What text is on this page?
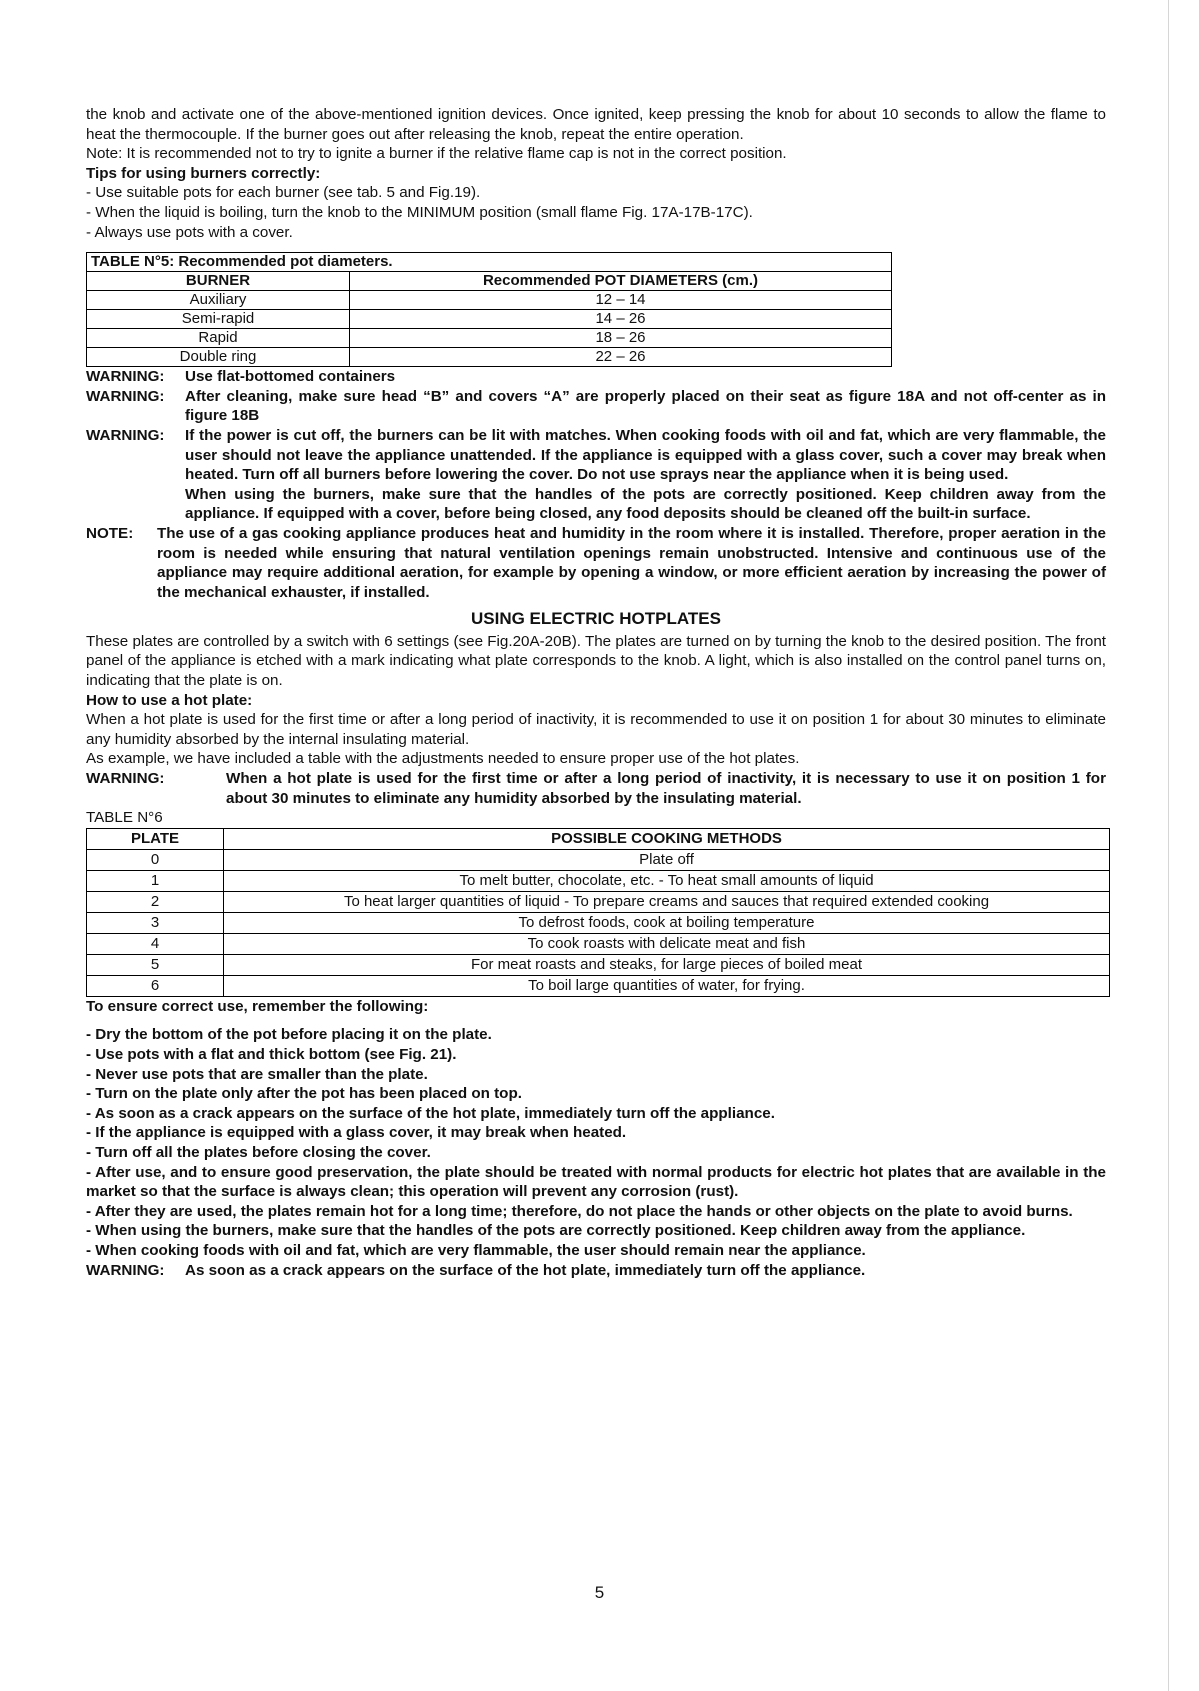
the knob and activate one of the above-mentioned ignition devices. Once ignited, keep pressing the knob for about 10 seconds to allow the flame to heat the thermocouple. If the burner goes out after releasing the knob, repeat the entire operation.

Note: It is recommended not to try to ignite a burner if the relative flame cap is not in the correct position.

Tips for using burners correctly:

- Use suitable pots for each burner (see tab. 5 and Fig.19).

- When the liquid is boiling, turn the knob to the MINIMUM position (small flame Fig. 17A-17B-17C).

- Always use pots with a cover.

TABLE N°5: Recommended pot diameters.	
BURNER	Recommended POT DIAMETERS (cm.)
Auxiliary	12 – 14
Semi-rapid	14 – 26
Rapid	18 – 26
Double ring	22 – 26
WARNING:	Use flat-bottomed containers
WARNING:	After cleaning, make sure head “B” and covers “A” are properly placed on their seat as figure 18A and not off-center as in figure 18B
WARNING:	If the power is cut off, the burners can be lit with matches. When cooking foods with oil and fat, which are very flammable, the user should not leave the appliance unattended. If the appliance is equipped with a glass cover, such a cover may break when heated. Turn off all burners before lowering the cover. Do not use sprays near the appliance when it is being used.
When using the burners, make sure that the handles of the pots are correctly positioned. Keep children away from the appliance. If equipped with a cover, before being closed, any food deposits should be cleaned off the built-in surface.
NOTE:	The use of a gas cooking appliance produces heat and humidity in the room where it is installed. Therefore, proper aeration in the room is needed while ensuring that natural ventilation openings remain unobstructed. Intensive and continuous use of the appliance may require additional aeration, for example by opening a window, or more efficient aeration by increasing the power of the mechanical exhauster, if installed.

USING ELECTRIC HOTPLATES

These plates are controlled by a switch with 6 settings (see Fig.20A-20B). The plates are turned on by turning the knob to the desired position. The front panel of the appliance is etched with a mark indicating what plate corresponds to the knob. A light, which is also installed on the control panel turns on, indicating that the plate is on.

How to use a hot plate:

When a hot plate is used for the first time or after a long period of inactivity, it is recommended to use it on position 1 for about 30 minutes to eliminate any humidity absorbed by the internal insulating material.

As example, we have included a table with the adjustments needed to ensure proper use of the hot plates.

WARNING:	When a hot plate is used for the first time or after a long period of inactivity, it is necessary to use it on position 1 for about 30 minutes to eliminate any humidity absorbed by the insulating material.

TABLE N°6

PLATE	POSSIBLE COOKING METHODS
0	Plate off
1	To melt butter, chocolate, etc. - To heat small amounts of liquid
2	To heat larger quantities of liquid - To prepare creams and sauces that required extended cooking
3	To defrost foods, cook at boiling temperature
4	To cook roasts with delicate meat and fish
5	For meat roasts and steaks, for large pieces of boiled meat
6	To boil large quantities of water, for frying.

To ensure correct use, remember the following:

- Dry the bottom of the pot before placing it on the plate.

- Use pots with a flat and thick bottom (see Fig. 21).

- Never use pots that are smaller than the plate.

- Turn on the plate only after the pot has been placed on top.

- As soon as a crack appears on the surface of the hot plate, immediately turn off the appliance.

- If the appliance is equipped with a glass cover, it may break when heated.

- Turn off all the plates before closing the cover.

- After use, and to ensure good preservation, the plate should be treated with normal products for electric hot plates that are available in the market so that the surface is always clean; this operation will prevent any corrosion (rust).

- After they are used, the plates remain hot for a long time; therefore, do not place the hands or other objects on the plate to avoid burns.

- When using the burners, make sure that the handles of the pots are correctly positioned. Keep children away from the appliance.

- When cooking foods with oil and fat, which are very flammable, the user should remain near the appliance.

WARNING:	As soon as a crack appears on the surface of the hot plate, immediately turn off the appliance.
5
